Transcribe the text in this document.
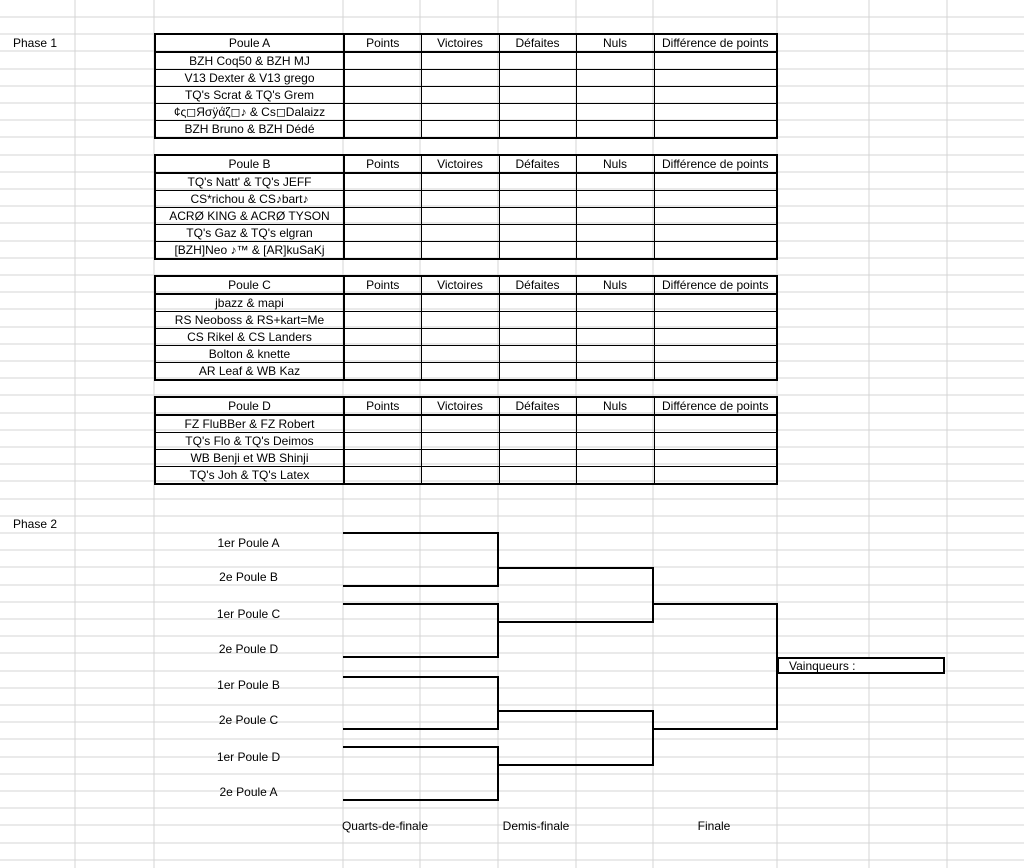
Phase 1
Phase 2
Poule A	Points	Victoires	Défaites	Nuls	Différence de points
BZH Coq50 & BZH MJ					
V13 Dexter & V13 grego					
TQ's Scrat & TQ's Grem					
¢ς◻Яσÿά̈ζ◻♪ & Cs◻Dalaizz					
BZH Bruno & BZH Dédé					
Poule B	Points	Victoires	Défaites	Nuls	Différence de points
TQ's Natt' & TQ's JEFF					
CS*richou & CS♪bart♪					
ACRØ KING & ACRØ TYSON					
TQ's Gaz & TQ's elgran					
[BZH]Neo ♪™ & [AR]kuSaKj					
Poule C	Points	Victoires	Défaites	Nuls	Différence de points
jbazz & mapi					
RS Neoboss & RS+kart=Me					
CS Rikel & CS Landers					
Bolton & knette					
AR Leaf & WB Kaz					
Poule D	Points	Victoires	Défaites	Nuls	Différence de points
FZ FluBBer & FZ Robert					
TQ's Flo & TQ's Deimos					
WB Benji et WB Shinji					
TQ's Joh & TQ's Latex					
1er Poule A
2e Poule B
1er Poule C
2e Poule D
1er Poule B
2e Poule C
1er Poule D
2e Poule A
Vainqueurs :
Quarts-de-finale	Demis-finale	Finale
